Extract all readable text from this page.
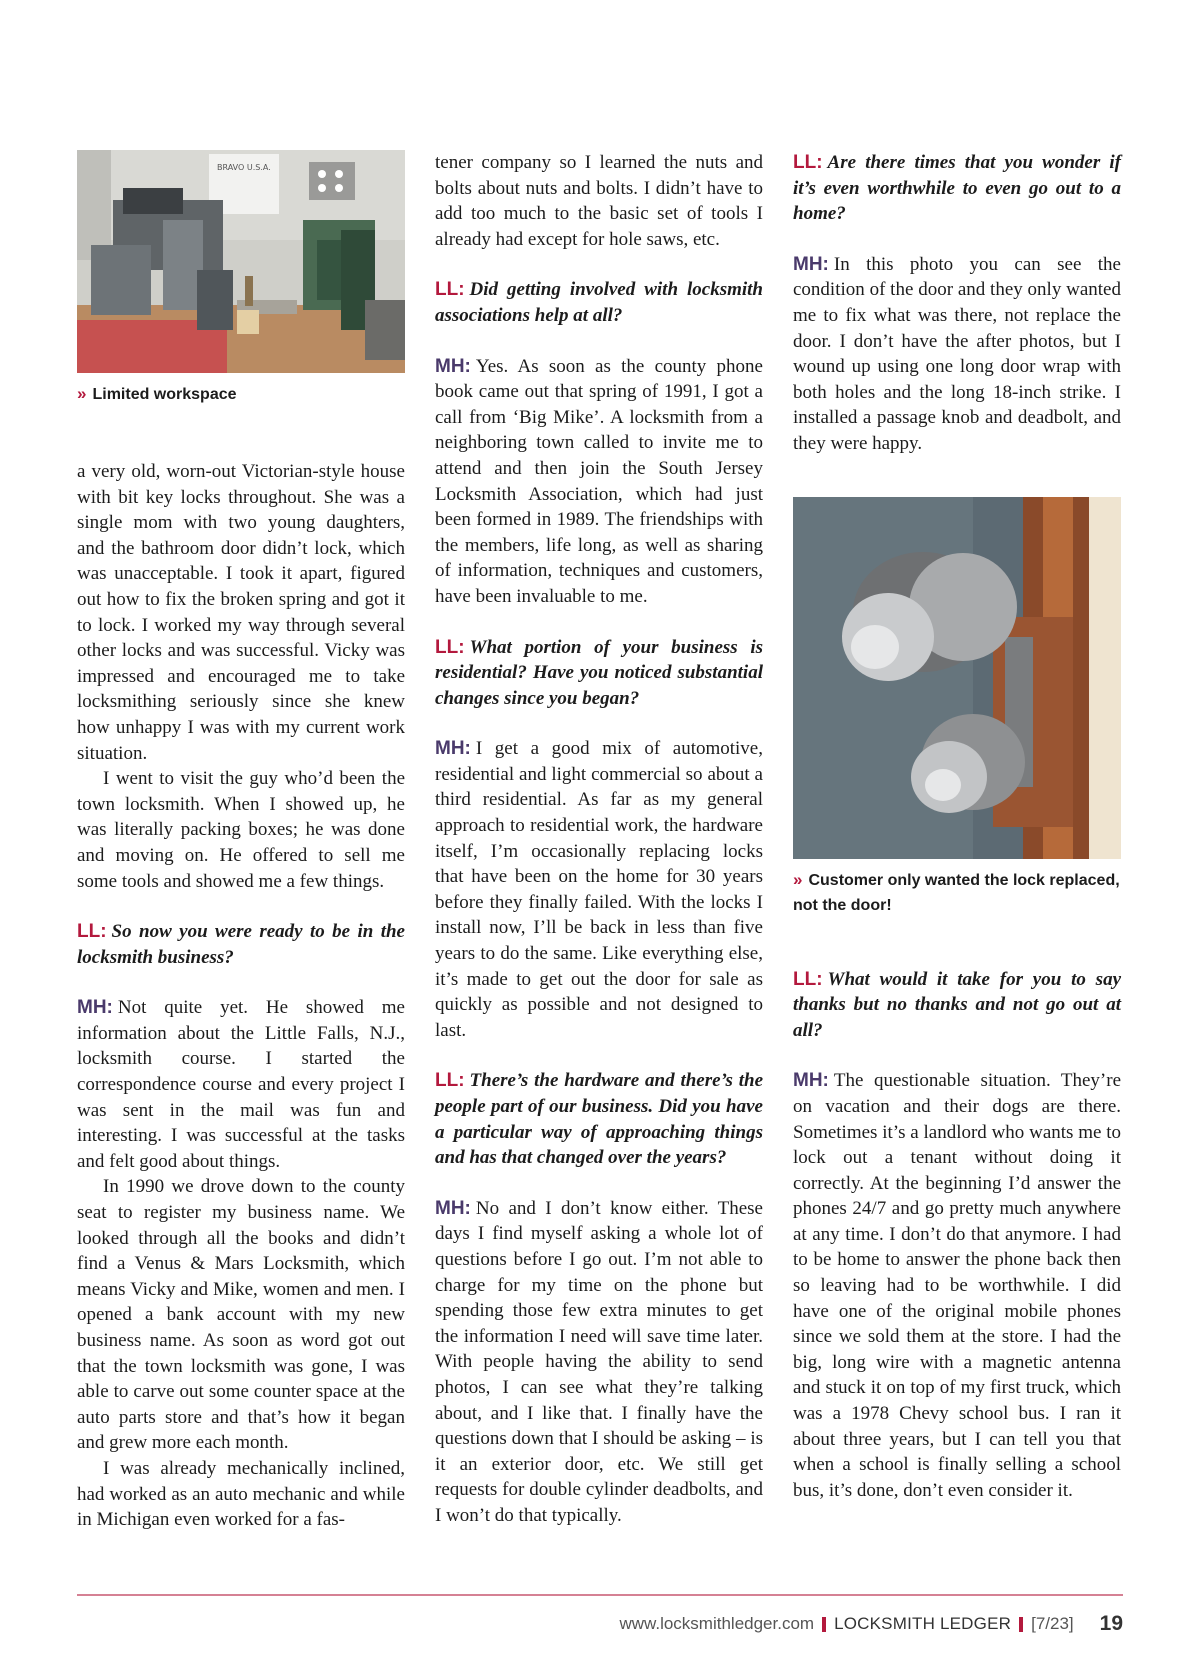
BRAVO U.S.A.
» Limited workspace

a very old, worn-out Victorian-style house with bit key locks throughout. She was a single mom with two young daughters, and the bathroom door didn’t lock, which was unacceptable. I took it apart, figured out how to fix the broken spring and got it to lock. I worked my way through several other locks and was successful. Vicky was impressed and encouraged me to take locksmithing seriously since she knew how unhappy I was with my current work situation.

I went to visit the guy who’d been the town locksmith. When I showed up, he was literally packing boxes; he was done and moving on. He offered to sell me some tools and showed me a few things.

LL: So now you were ready to be in the locksmith business?

MH: Not quite yet. He showed me information about the Little Falls, N.J., locksmith course. I started the correspondence course and every project I was sent in the mail was fun and interesting. I was successful at the tasks and felt good about things.

In 1990 we drove down to the county seat to register my business name. We looked through all the books and didn’t find a Venus & Mars Locksmith, which means Vicky and Mike, women and men. I opened a bank account with my new business name. As soon as word got out that the town locksmith was gone, I was able to carve out some counter space at the auto parts store and that’s how it began and grew more each month.

I was already mechanically inclined, had worked as an auto mechanic and while in Michigan even worked for a fas-

tener company so I learned the nuts and bolts about nuts and bolts. I didn’t have to add too much to the basic set of tools I already had except for hole saws, etc.

LL: Did getting involved with locksmith associations help at all?

MH: Yes. As soon as the county phone book came out that spring of 1991, I got a call from ‘Big Mike’. A locksmith from a neighboring town called to invite me to attend and then join the South Jersey Locksmith Association, which had just been formed in 1989. The friendships with the members, life long, as well as sharing of information, techniques and customers, have been invaluable to me.

LL: What portion of your business is residential? Have you noticed substantial changes since you began?

MH: I get a good mix of automotive, residential and light commercial so about a third residential. As far as my general approach to residential work, the hardware itself, I’m occasionally replacing locks that have been on the home for 30 years before they finally failed. With the locks I install now, I’ll be back in less than five years to do the same. Like everything else, it’s made to get out the door for sale as quickly as possible and not designed to last.

LL: There’s the hardware and there’s the people part of our business. Did you have a particular way of approaching things and has that changed over the years?

MH: No and I don’t know either. These days I find myself asking a whole lot of questions before I go out. I’m not able to charge for my time on the phone but spending those few extra minutes to get the information I need will save time later. With people having the ability to send photos, I can see what they’re talking about, and I like that. I finally have the questions down that I should be asking – is it an exterior door, etc. We still get requests for double cylinder deadbolts, and I won’t do that typically.

LL: Are there times that you wonder if it’s even worthwhile to even go out to a home?

MH: In this photo you can see the condition of the door and they only wanted me to fix what was there, not replace the door. I don’t have the after photos, but I wound up using one long door wrap with both holes and the long 18-inch strike. I installed a passage knob and deadbolt, and they were happy.

» Customer only wanted the lock replaced, not the door!

LL: What would it take for you to say thanks but no thanks and not go out at all?

MH: The questionable situation. They’re on vacation and their dogs are there. Sometimes it’s a landlord who wants me to lock out a tenant without doing it correctly. At the beginning I’d answer the phones 24/7 and go pretty much anywhere at any time. I don’t do that anymore. I had to be home to answer the phone back then so leaving had to be worthwhile. I did have one of the original mobile phones since we sold them at the store. I had the big, long wire with a magnetic antenna and stuck it on top of my first truck, which was a 1978 Chevy school bus. I ran it about three years, but I can tell you that when a school is finally selling a school bus, it’s done, don’t even consider it.

www.locksmithledger.com LOCKSMITH LEDGER [7/23] 19
